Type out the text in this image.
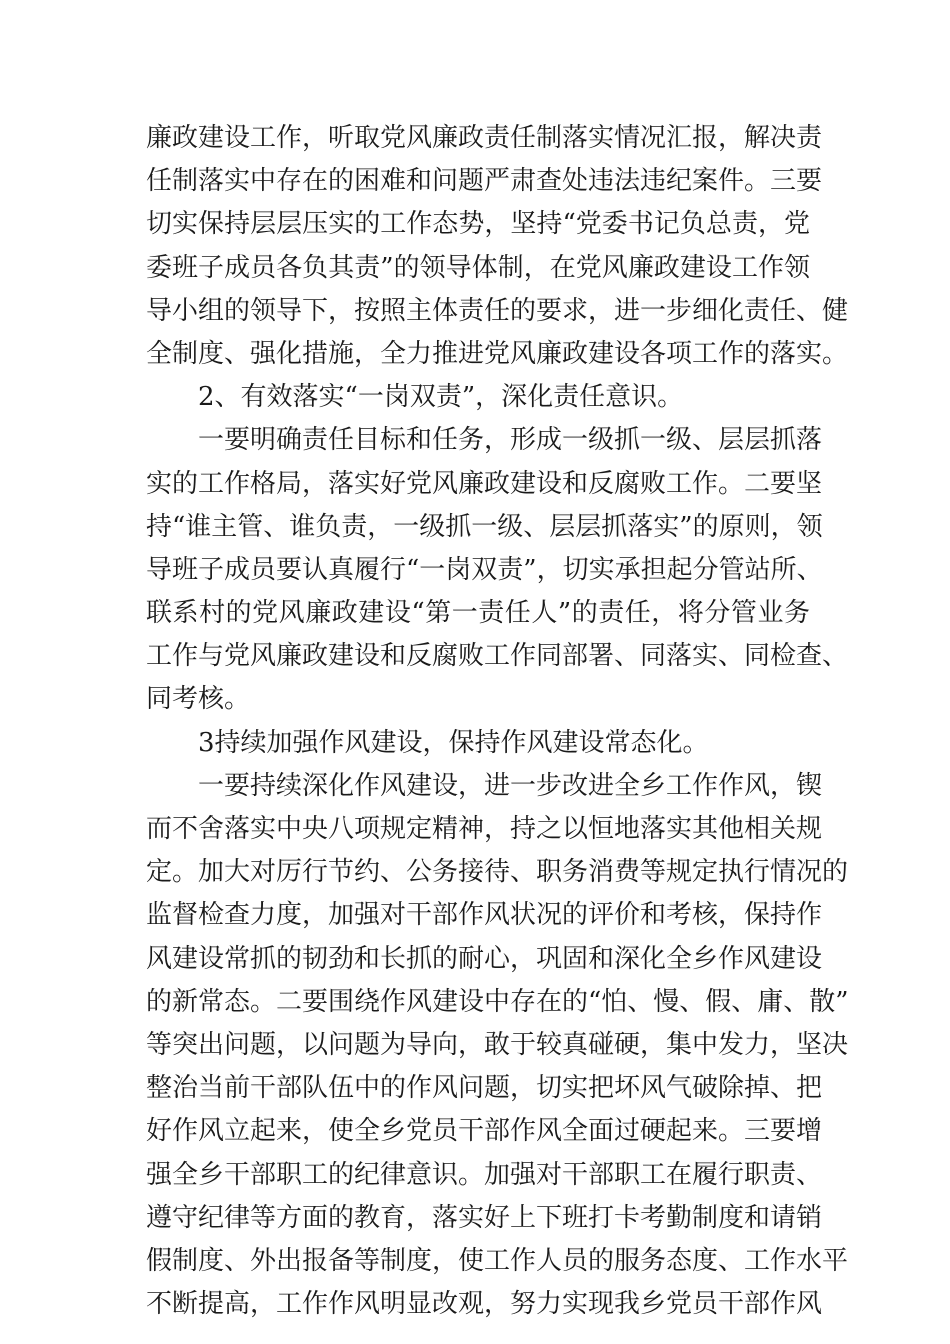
廉政建设工作，听取党风廉政责任制落实情况汇报，解决责
任制落实中存在的困难和问题严肃查处违法违纪案件。三要
切实保持层层压实的工作态势，坚持“党委书记负总责，党
委班子成员各负其责”的领导体制，在党风廉政建设工作领
导小组的领导下，按照主体责任的要求，进一步细化责任、健
全制度、强化措施，全力推进党风廉政建设各项工作的落实。
2、有效落实“一岗双责”，深化责任意识。
一要明确责任目标和任务，形成一级抓一级、层层抓落
实的工作格局，落实好党风廉政建设和反腐败工作。二要坚
持“谁主管、谁负责，一级抓一级、层层抓落实”的原则，领
导班子成员要认真履行“一岗双责”，切实承担起分管站所、
联系村的党风廉政建设“第一责任人”的责任，将分管业务
工作与党风廉政建设和反腐败工作同部署、同落实、同检查、
同考核。
3持续加强作风建设，保持作风建设常态化。
一要持续深化作风建设，进一步改进全乡工作作风，锲
而不舍落实中央八项规定精神，持之以恒地落实其他相关规
定。加大对厉行节约、公务接待、职务消费等规定执行情况的
监督检查力度，加强对干部作风状况的评价和考核，保持作
风建设常抓的韧劲和长抓的耐心，巩固和深化全乡作风建设
的新常态。二要围绕作风建设中存在的“怕、慢、假、庸、散”
等突出问题，以问题为导向，敢于较真碰硬，集中发力，坚决
整治当前干部队伍中的作风问题，切实把坏风气破除掉、把
好作风立起来，使全乡党员干部作风全面过硬起来。三要增
强全乡干部职工的纪律意识。加强对干部职工在履行职责、
遵守纪律等方面的教育，落实好上下班打卡考勤制度和请销
假制度、外出报备等制度，使工作人员的服务态度、工作水平
不断提高，工作作风明显改观，努力实现我乡党员干部作风
